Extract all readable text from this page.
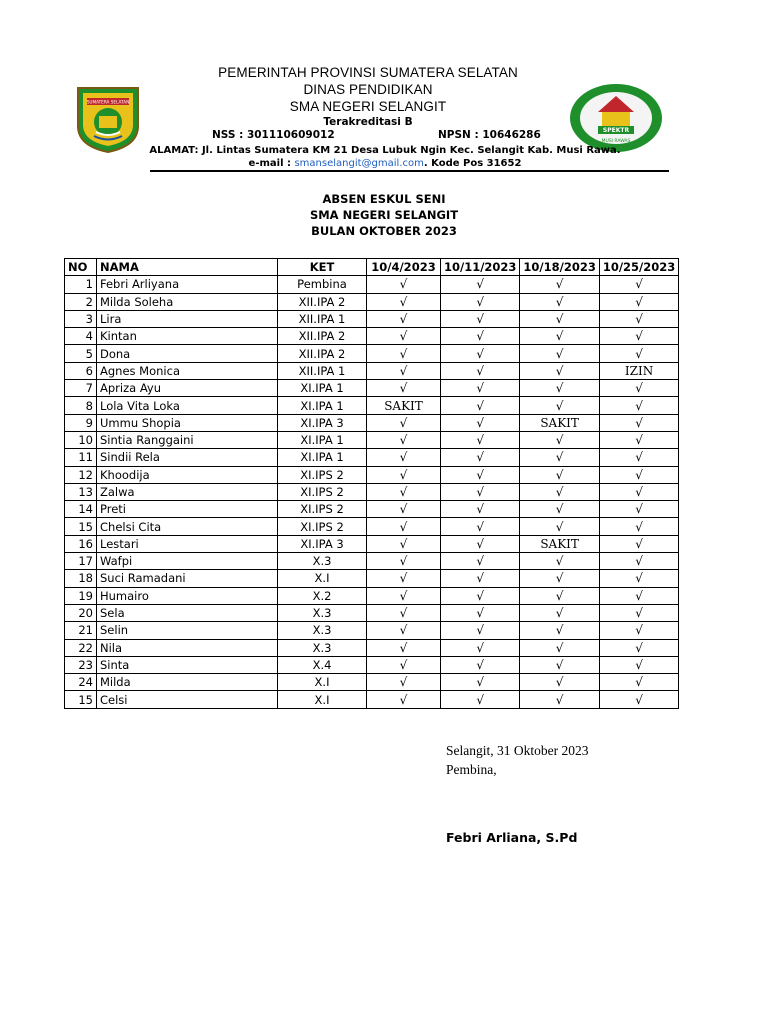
SUMATERA SELATAN
SPEKTR
MUSI RAWAS
PEMERINTAH PROVINSI SUMATERA SELATAN
DINAS PENDIDIKAN
SMA NEGERI SELANGIT
Terakreditasi B
NSS : 301110609012	NPSN : 10646286
ALAMAT: Jl. Lintas Sumatera KM 21 Desa Lubuk Ngin Kec. Selangit Kab. Musi Rawa.
e-mail : smanselangit@gmail.com. Kode Pos 31652
ABSEN ESKUL SENI
SMA NEGERI SELANGIT
BULAN OKTOBER 2023
NO	NAMA	KET	10/4/2023	10/11/2023	10/18/2023	10/25/2023
1	Febri Arliyana	Pembina	√	√	√	√
2	Milda Soleha	XII.IPA 2	√	√	√	√
3	Lira	XII.IPA 1	√	√	√	√
4	Kintan	XII.IPA 2	√	√	√	√
5	Dona	XII.IPA 2	√	√	√	√
6	Agnes Monica	XII.IPA 1	√	√	√	IZIN
7	Apriza Ayu	XI.IPA 1	√	√	√	√
8	Lola Vita Loka	XI.IPA 1	SAKIT	√	√	√
9	Ummu Shopia	XI.IPA 3	√	√	SAKIT	√
10	Sintia Ranggaini	XI.IPA 1	√	√	√	√
11	Sindii Rela	XI.IPA 1	√	√	√	√
12	Khoodija	XI.IPS 2	√	√	√	√
13	Zalwa	XI.IPS 2	√	√	√	√
14	Preti	XI.IPS 2	√	√	√	√
15	Chelsi Cita	XI.IPS 2	√	√	√	√
16	Lestari	XI.IPA 3	√	√	SAKIT	√
17	Wafpi	X.3	√	√	√	√
18	Suci Ramadani	X.I	√	√	√	√
19	Humairo	X.2	√	√	√	√
20	Sela	X.3	√	√	√	√
21	Selin	X.3	√	√	√	√
22	Nila	X.3	√	√	√	√
23	Sinta	X.4	√	√	√	√
24	Milda	X.I	√	√	√	√
15	Celsi	X.I	√	√	√	√
Selangit, 31 Oktober 2023
Pembina,
Febri Arliana, S.Pd
